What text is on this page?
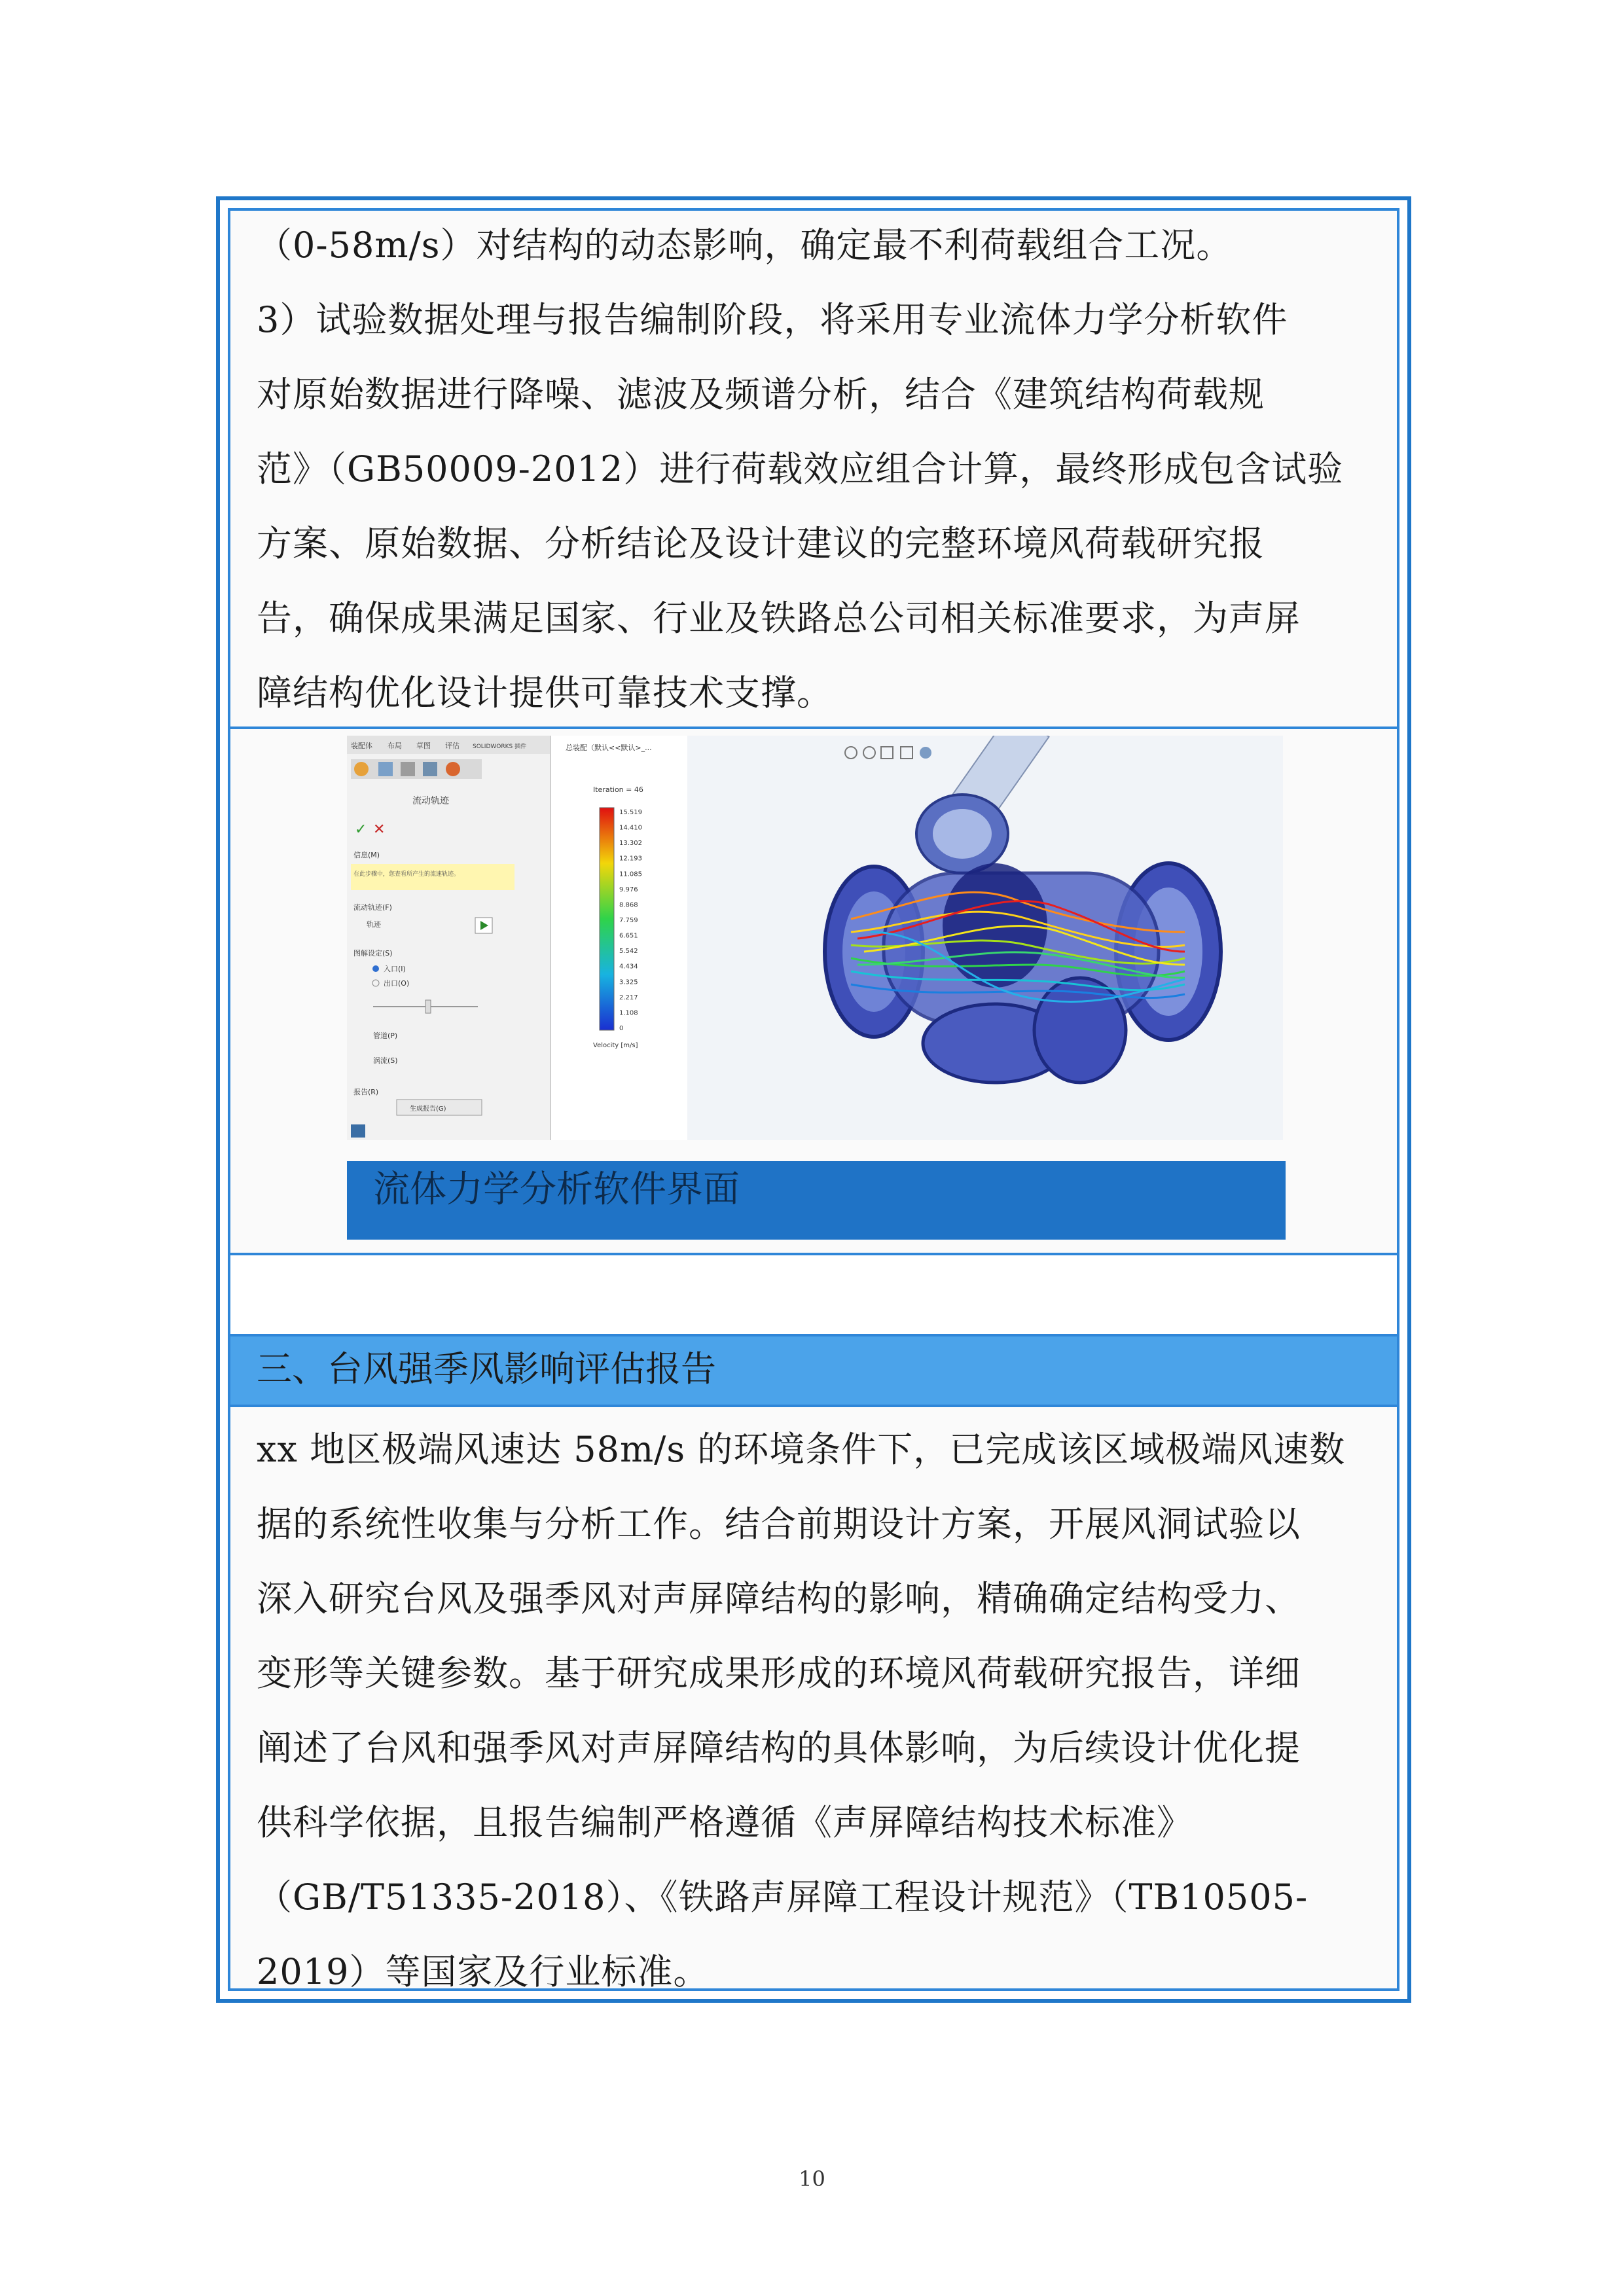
（0-58m/s）对结构的动态影响，确定最不利荷载组合工况。
3）试验数据处理与报告编制阶段，将采用专业流体力学分析软件
对原始数据进行降噪、滤波及频谱分析，结合《建筑结构荷载规
范》（GB50009-2012）进行荷载效应组合计算，最终形成包含试验
方案、原始数据、分析结论及设计建议的完整环境风荷载研究报
告，确保成果满足国家、行业及铁路总公司相关标准要求，为声屏
障结构优化设计提供可靠技术支撑。

装配体 布局 草图 评估 SOLIDWORKS 插件
流动轨迹
✓ ✕
信息(M)
在此步骤中，您查看所产生的流速轨迹。
流动轨迹(F)
轨迹
图解设定(S)
入口(I)
出口(O)
管道(P)
涡流(S)
报告(R)
生成报告(G)
总装配（默认<<默认>_...
Iteration = 46
15.519
14.410
13.302
12.193
11.085
9.976
8.868
7.759
6.651
5.542
4.434
3.325
2.217
1.108
0
Velocity [m/s]
流体力学分析软件界面
三、台风强季风影响评估报告

xx 地区极端风速达 58m/s 的环境条件下，已完成该区域极端风速数
据的系统性收集与分析工作。结合前期设计方案，开展风洞试验以
深入研究台风及强季风对声屏障结构的影响，精确确定结构受力、
变形等关键参数。基于研究成果形成的环境风荷载研究报告，详细
阐述了台风和强季风对声屏障结构的具体影响，为后续设计优化提
供科学依据，且报告编制严格遵循《声屏障结构技术标准》
（GB/T51335-2018）、《铁路声屏障工程设计规范》（TB10505-
2019）等国家及行业标准。

10
